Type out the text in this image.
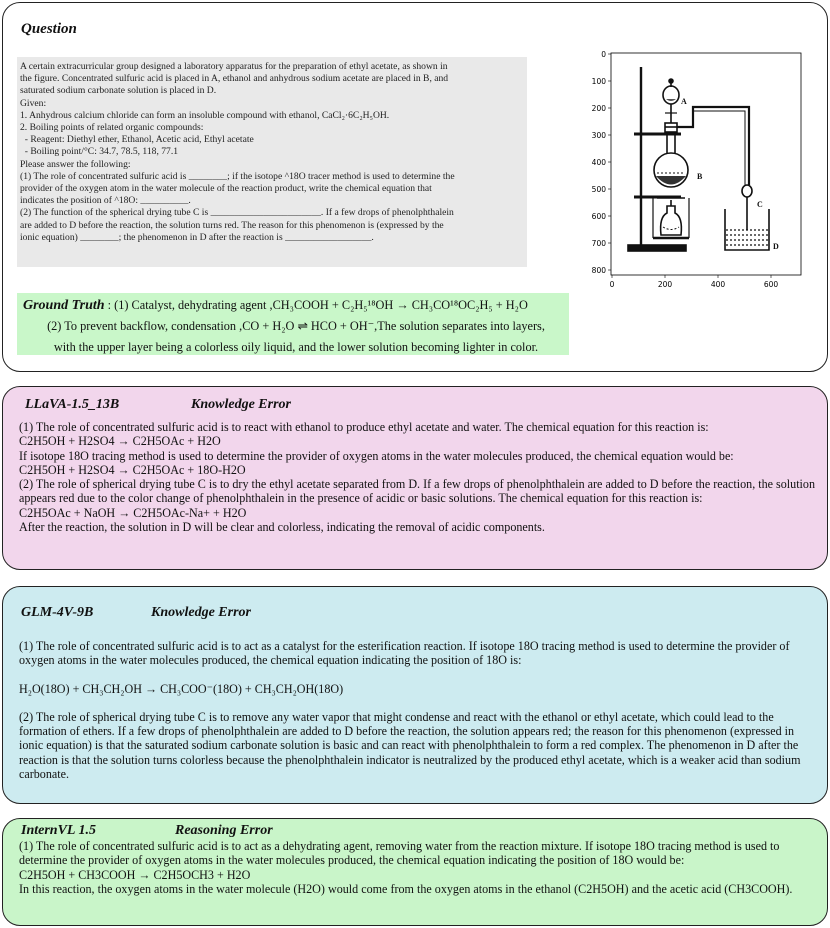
Question
A certain extracurricular group designed a laboratory apparatus for the preparation of ethyl acetate, as shown in
the figure. Concentrated sulfuric acid is placed in A, ethanol and anhydrous sodium acetate are placed in B, and
saturated sodium carbonate solution is placed in D.
Given:
1. Anhydrous calcium chloride can form an insoluble compound with ethanol, CaCl₂·6C₂H₅OH.
2. Boiling points of related organic compounds:
- Reagent: Diethyl ether, Ethanol, Acetic acid, Ethyl acetate
- Boiling point/°C: 34.7, 78.5, 118, 77.1
Please answer the following:
(1) The role of concentrated sulfuric acid is ________; if the isotope ^18O tracer method is used to determine the
provider of the oxygen atom in the water molecule of the reaction product, write the chemical equation that
indicates the position of ^18O: __________.
(2) The function of the spherical drying tube C is _______________________. If a few drops of phenolphthalein
are added to D before the reaction, the solution turns red. The reason for this phenomenon is (expressed by the
ionic equation) ________; the phenomenon in D after the reaction is __________________.
0
100
200
300
400
500
600
700
800
0	200	400	600
A
B
C
D
Ground Truth : (1) Catalyst, dehydrating agent ,CH₃COOH + C₂H₅¹⁸OH → CH₃CO¹⁸OC₂H₅ + H₂O
(2) To prevent backflow, condensation ,CO + H₂O ⇌ HCO + OH⁻,The solution separates into layers,
with the upper layer being a colorless oily liquid, and the lower solution becoming lighter in color.
LLaVA-1.5_13B	Knowledge Error
(1) The role of concentrated sulfuric acid is to react with ethanol to produce ethyl acetate and water. The chemical equation for this reaction is:
C2H5OH + H2SO4 → C2H5OAc + H2O
If isotope 18O tracing method is used to determine the provider of oxygen atoms in the water molecules produced, the chemical equation would be:
C2H5OH + H2SO4 → C2H5OAc + 18O-H2O
(2) The role of spherical drying tube C is to dry the ethyl acetate separated from D. If a few drops of phenolphthalein are added to D before the reaction, the solution appears red due to the color change of phenolphthalein in the presence of acidic or basic solutions. The chemical equation for this reaction is:
C2H5OAc + NaOH → C2H5OAc-Na+ + H2O
After the reaction, the solution in D will be clear and colorless, indicating the removal of acidic components.
GLM-4V-9B	Knowledge Error
(1) The role of concentrated sulfuric acid is to act as a catalyst for the esterification reaction. If isotope 18O tracing method is used to determine the provider of oxygen atoms in the water molecules produced, the chemical equation indicating the position of 18O is:
H₂O(18O) + CH₃CH₂OH → CH₃COO⁻(18O) + CH₃CH₂OH(18O)
(2) The role of spherical drying tube C is to remove any water vapor that might condense and react with the ethanol or ethyl acetate, which could lead to the formation of ethers. If a few drops of phenolphthalein are added to D before the reaction, the solution appears red; the reason for this phenomenon (expressed in ionic equation) is that the saturated sodium carbonate solution is basic and can react with phenolphthalein to form a red complex. The phenomenon in D after the reaction is that the solution turns colorless because the phenolphthalein indicator is neutralized by the produced ethyl acetate, which is a weaker acid than sodium carbonate.
InternVL 1.5	Reasoning Error
(1) The role of concentrated sulfuric acid is to act as a dehydrating agent, removing water from the reaction mixture. If isotope 18O tracing method is used to determine the provider of oxygen atoms in the water molecules produced, the chemical equation indicating the position of 18O would be:
C2H5OH + CH3COOH → C2H5OCH3 + H2O
In this reaction, the oxygen atoms in the water molecule (H2O) would come from the oxygen atoms in the ethanol (C2H5OH) and the acetic acid (CH3COOH).
